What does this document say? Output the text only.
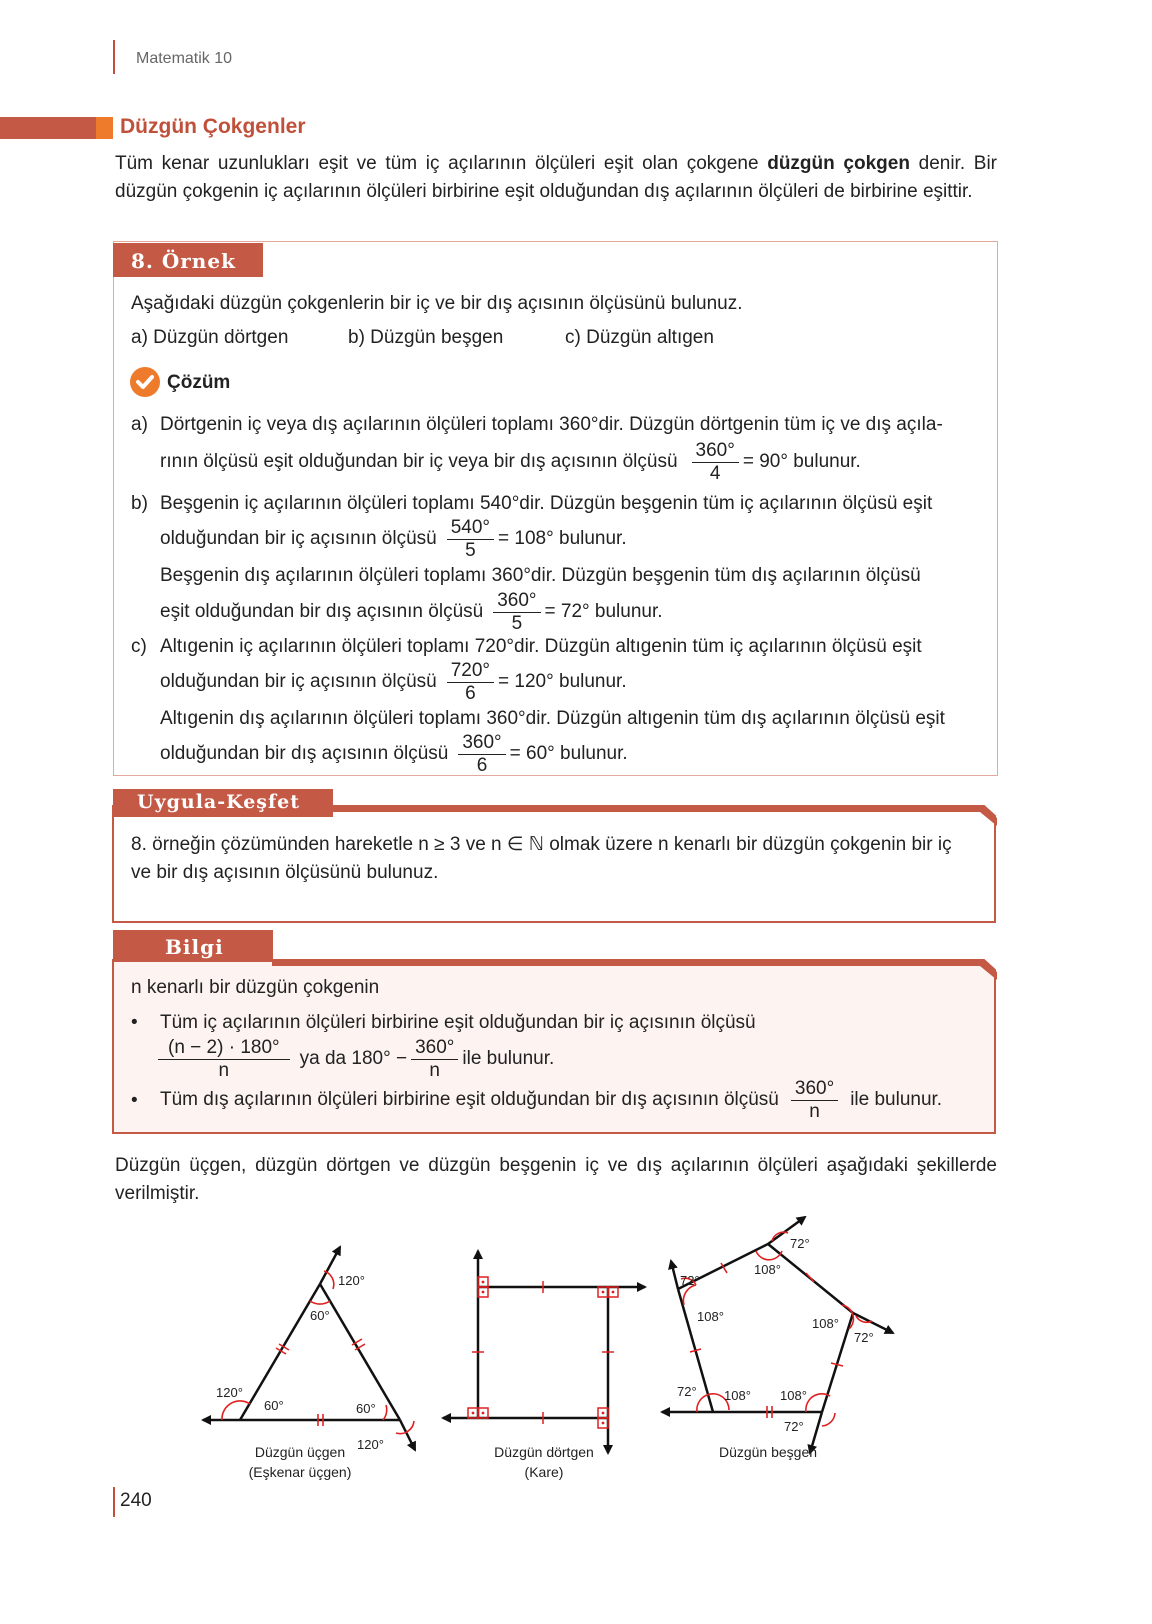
Matematik 10
Düzgün Çokgenler
Tüm kenar uzunlukları eşit ve tüm iç açılarının ölçüleri eşit olan çokgene düzgün çokgen denir. Bir düzgün çokgenin iç açılarının ölçüleri birbirine eşit olduğundan dış açılarının ölçüleri de birbirine eşittir.
8. Örnek
Aşağıdaki düzgün çokgenlerin bir iç ve bir dış açısının ölçüsünü bulunuz.
a) Düzgün dörtgen	b) Düzgün beşgen	c) Düzgün altıgen
Çözüm
a) Dörtgenin iç veya dış açılarının ölçüleri toplamı 360°dir. Düzgün dörtgenin tüm iç ve dış açıla-
rının ölçüsü eşit olduğundan bir iç veya bir dış açısının ölçüsü $\frac{360^\circ}{4} = 90^\circ$ bulunur.
b) Beşgenin iç açılarının ölçüleri toplamı 540°dir. Düzgün beşgenin tüm iç açılarının ölçüsü eşit
olduğundan bir iç açısının ölçüsü $\frac{540^\circ}{5} = 108^\circ$ bulunur.
Beşgenin dış açılarının ölçüleri toplamı 360°dir. Düzgün beşgenin tüm dış açılarının ölçüsü
eşit olduğundan bir dış açısının ölçüsü $\frac{360^\circ}{5} = 72^\circ$ bulunur.
c) Altıgenin iç açılarının ölçüleri toplamı 720°dir. Düzgün altıgenin tüm iç açılarının ölçüsü eşit
olduğundan bir iç açısının ölçüsü $\frac{720^\circ}{6} = 120^\circ$ bulunur.
Altıgenin dış açılarının ölçüleri toplamı 360°dir. Düzgün altıgenin tüm dış açılarının ölçüsü eşit
olduğundan bir dış açısının ölçüsü $\frac{360^\circ}{6} = 60^\circ$ bulunur.
Uygula-Keşfet
8. örneğin çözümünden hareketle n ≥ 3 ve n ∈ ℕ olmak üzere n kenarlı bir düzgün çokgenin bir iç
ve bir dış açısının ölçüsünü bulunuz.
Bilgi
n kenarlı bir düzgün çokgenin
• Tüm iç açılarının ölçüleri birbirine eşit olduğundan bir iç açısının ölçüsü
$\frac{(n - 2) \cdot 180^\circ}{n}$ ya da $180^\circ - \frac{360^\circ}{n}$ ile bulunur.
• Tüm dış açılarının ölçüleri birbirine eşit olduğundan bir dış açısının ölçüsü $\frac{360^\circ}{n}$ ile bulunur.
Düzgün üçgen, düzgün dörtgen ve düzgün beşgenin iç ve dış açılarının ölçüleri aşağıdaki şekillerde verilmiştir.
120°
60°
120°
60°	60°
120°
Düzgün üçgen
(Eşkenar üçgen)
Düzgün dörtgen
(Kare)
72°
108°
72°
108°	108°
72°
72° 108° 108°
72°
Düzgün beşgen
240
